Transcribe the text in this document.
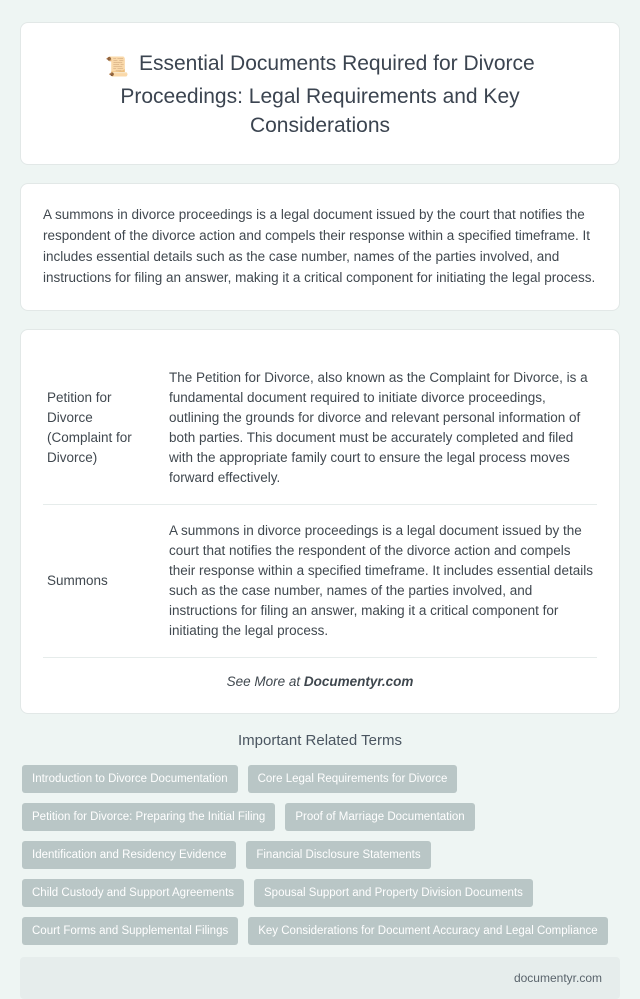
📜 Essential Documents Required for Divorce Proceedings: Legal Requirements and Key Considerations
A summons in divorce proceedings is a legal document issued by the court that notifies the respondent of the divorce action and compels their response within a specified timeframe. It includes essential details such as the case number, names of the parties involved, and instructions for filing an answer, making it a critical component for initiating the legal process.
Petition for Divorce (Complaint for Divorce)	The Petition for Divorce, also known as the Complaint for Divorce, is a fundamental document required to initiate divorce proceedings, outlining the grounds for divorce and relevant personal information of both parties. This document must be accurately completed and filed with the appropriate family court to ensure the legal process moves forward effectively.
Summons	A summons in divorce proceedings is a legal document issued by the court that notifies the respondent of the divorce action and compels their response within a specified timeframe. It includes essential details such as the case number, names of the parties involved, and instructions for filing an answer, making it a critical component for initiating the legal process.
See More at Documentyr.com
Important Related Terms
Introduction to Divorce Documentation	Core Legal Requirements for Divorce
Petition for Divorce: Preparing the Initial Filing	Proof of Marriage Documentation
Identification and Residency Evidence	Financial Disclosure Statements
Child Custody and Support Agreements	Spousal Support and Property Division Documents
Court Forms and Supplemental Filings	Key Considerations for Document Accuracy and Legal Compliance
documentyr.com
